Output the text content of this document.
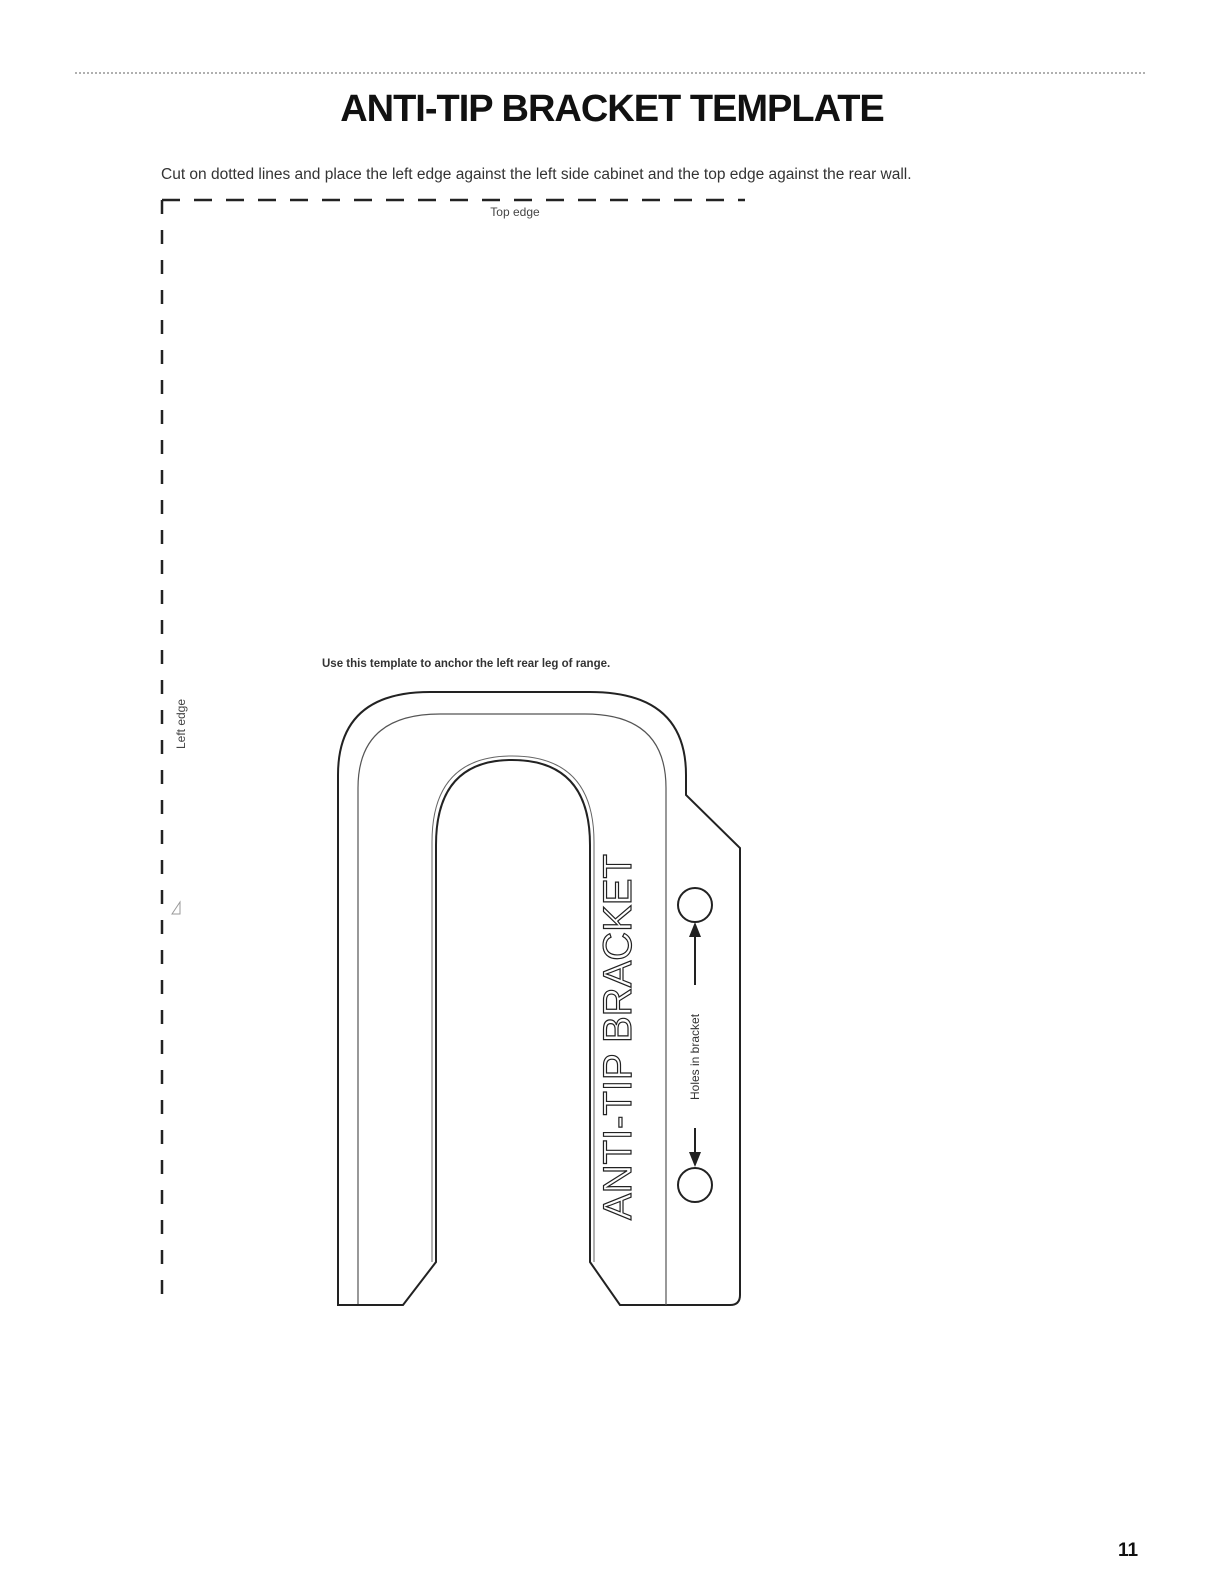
ANTI-TIP BRACKET TEMPLATE
Cut on dotted lines and place the left edge against the left side cabinet and the top edge against the rear wall.
Top edge
Left edge
Use this template to anchor the left rear leg of range.
ANTI-TIP BRACKET	Holes in bracket
11
